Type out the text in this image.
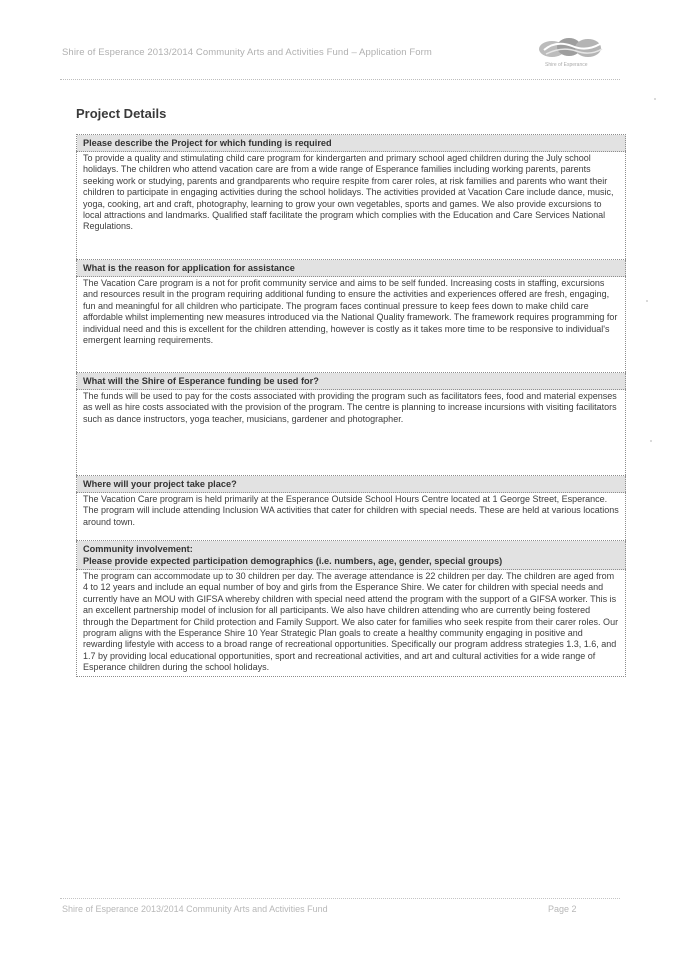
Shire of Esperance 2013/2014 Community Arts and Activities Fund – Application Form
Shire of Esperance
Project Details
Please describe the Project for which funding is required
To provide a quality and stimulating child care program for kindergarten and primary school aged children during the July school holidays. The children who attend vacation care are from a wide range of Esperance families including working parents, parents seeking work or studying, parents and grandparents who require respite from carer roles, at risk families and parents who want their children to participate in engaging activities during the school holidays. The activities provided at Vacation Care include dance, music, yoga, cooking, art and craft, photography, learning to grow your own vegetables, sports and games. We also provide excursions to local attractions and landmarks. Qualified staff facilitate the program which complies with the Education and Care Services National Regulations.
What is the reason for application for assistance
The Vacation Care program is a not for profit community service and aims to be self funded. Increasing costs in staffing, excursions and resources result in the program requiring additional funding to ensure the activities and experiences offered are fresh, engaging, fun and meaningful for all children who participate. The program faces continual pressure to keep fees down to make child care affordable whilst implementing new measures introduced via the National Quality framework. The framework requires programming for individual need and this is excellent for the children attending, however is costly as it takes more time to be responsive to individual's emergent learning requirements.
What will the Shire of Esperance funding be used for?
The funds will be used to pay for the costs associated with providing the program such as facilitators fees, food and material expenses as well as hire costs associated with the provision of the program. The centre is planning to increase incursions with visiting facilitators such as dance instructors, yoga teacher, musicians, gardener and photographer.
Where will your project take place?
The Vacation Care program is held primarily at the Esperance Outside School Hours Centre located at 1 George Street, Esperance. The program will include attending Inclusion WA activities that cater for children with special needs. These are held at various locations around town.

Community involvement:
Please provide expected participation demographics (i.e. numbers, age, gender, special groups)

The program can accommodate up to 30 children per day. The average attendance is 22 children per day. The children are aged from 4 to 12 years and include an equal number of boy and girls from the Esperance Shire. We cater for children with special needs and currently have an MOU with GIFSA whereby children with special need attend the program with the support of a GIFSA worker. This is an excellent partnership model of inclusion for all participants. We also have children attending who are currently being fostered through the Department for Child protection and Family Support. We also cater for families who seek respite from their carer roles. Our program aligns with the Esperance Shire 10 Year Strategic Plan goals to create a healthy community engaging in positive and rewarding lifestyle with access to a broad range of recreational opportunities. Specifically our program address strategies 1.3, 1.6, and 1.7 by providing local educational opportunities, sport and recreational activities, and art and cultural activities for a wide range of Esperance children during the school holidays.
Shire of Esperance 2013/2014 Community Arts and Activities Fund	Page 2
